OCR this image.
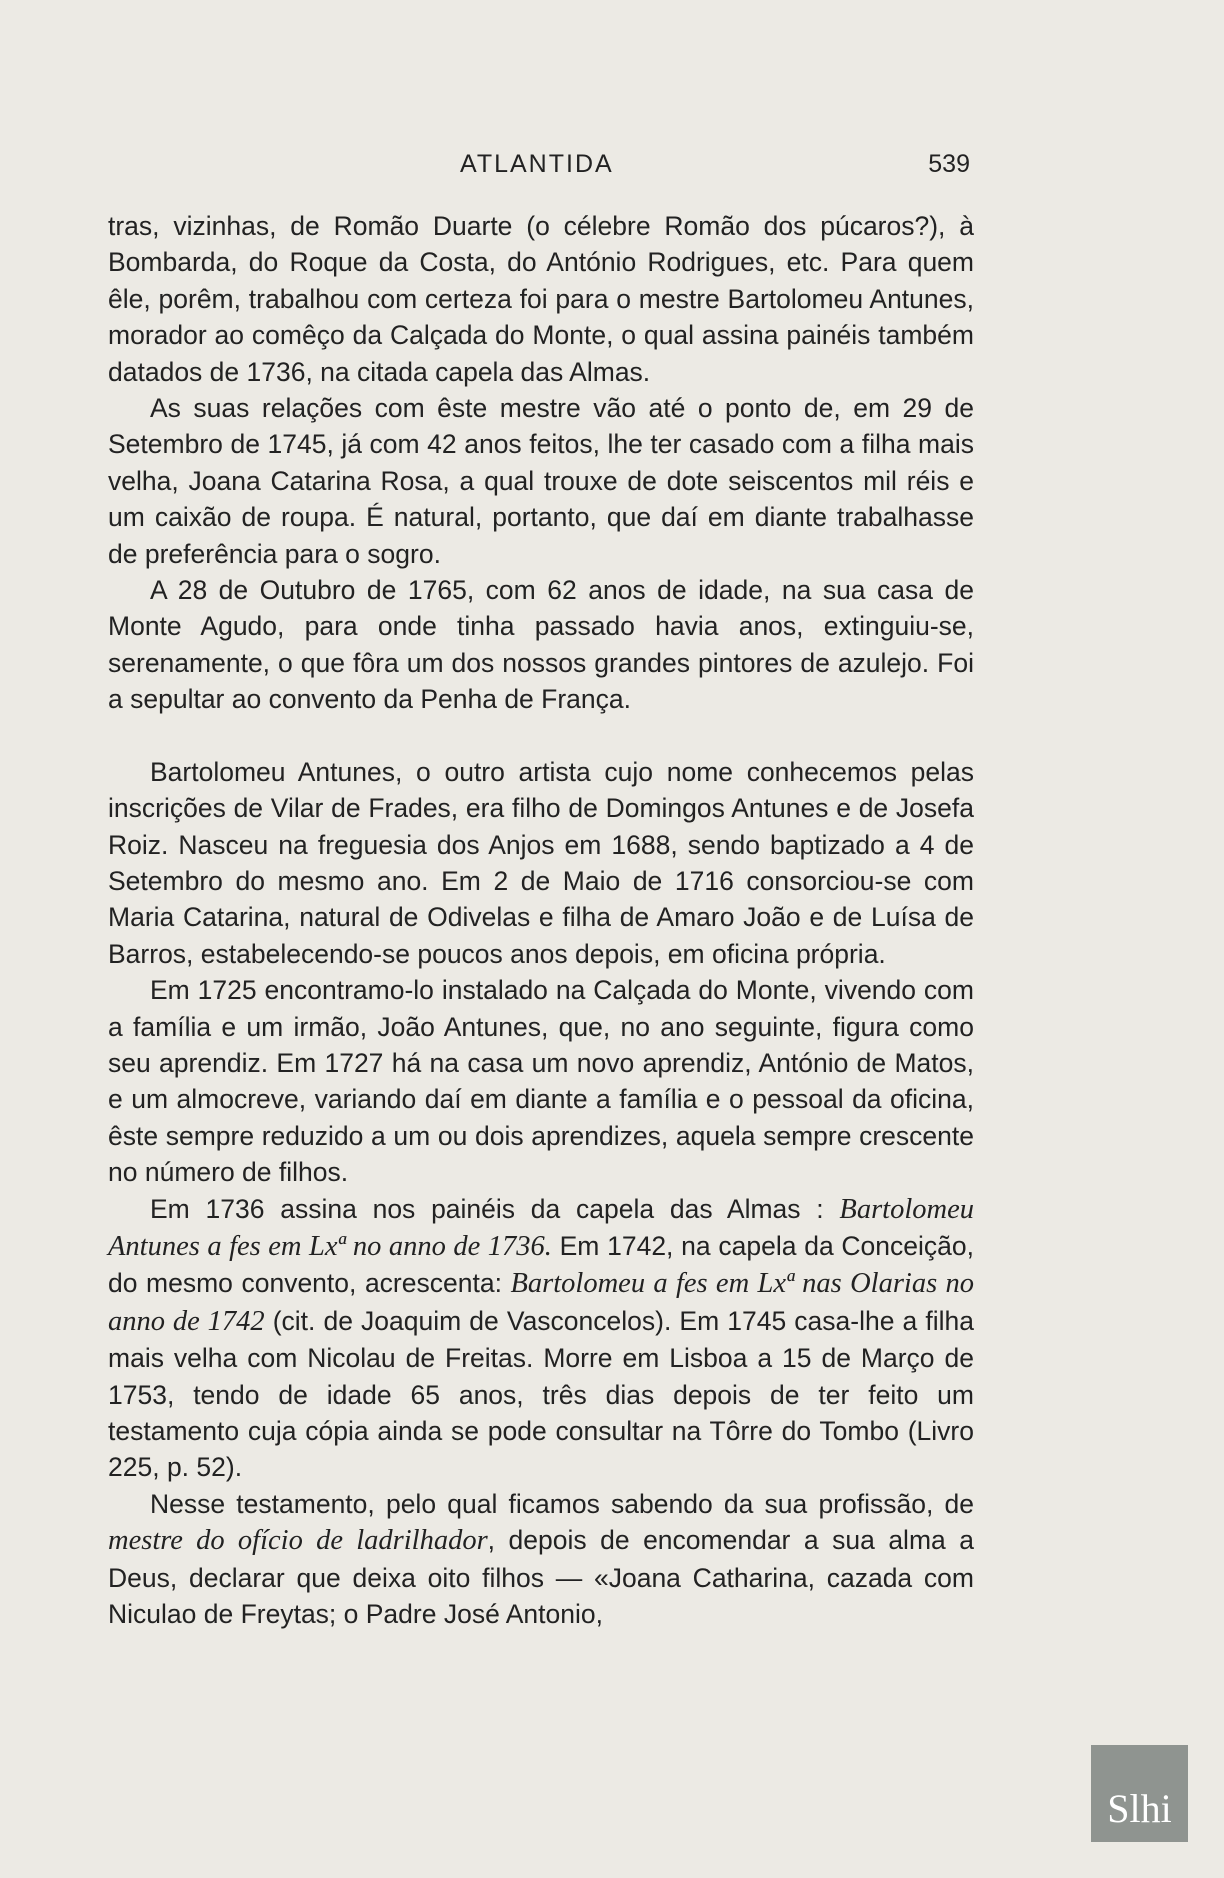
ATLANTIDA	539

tras, vizinhas, de Romão Duarte (o célebre Romão dos púcaros?), à Bombarda, do Roque da Costa, do António Rodrigues, etc. Para quem êle, porêm, trabalhou com certeza foi para o mestre Bartolomeu Antunes, morador ao comêço da Calçada do Monte, o qual assina painéis também datados de 1736, na citada capela das Almas.

As suas relações com êste mestre vão até o ponto de, em 29 de Setembro de 1745, já com 42 anos feitos, lhe ter casado com a filha mais velha, Joana Catarina Rosa, a qual trouxe de dote seiscentos mil réis e um caixão de roupa. É natural, portanto, que daí em diante trabalhasse de preferência para o sogro.

A 28 de Outubro de 1765, com 62 anos de idade, na sua casa de Monte Agudo, para onde tinha passado havia anos, extinguiu-se, serenamente, o que fôra um dos nossos grandes pintores de azulejo. Foi a sepultar ao convento da Penha de França.

Bartolomeu Antunes, o outro artista cujo nome conhecemos pelas inscrições de Vilar de Frades, era filho de Domingos Antunes e de Josefa Roiz. Nasceu na freguesia dos Anjos em 1688, sendo baptizado a 4 de Setembro do mesmo ano. Em 2 de Maio de 1716 consorciou-se com Maria Catarina, natural de Odivelas e filha de Amaro João e de Luísa de Barros, estabelecendo-se poucos anos depois, em oficina própria.

Em 1725 encontramo-lo instalado na Calçada do Monte, vivendo com a família e um irmão, João Antunes, que, no ano seguinte, figura como seu aprendiz. Em 1727 há na casa um novo aprendiz, António de Matos, e um almocreve, variando daí em diante a família e o pessoal da oficina, êste sempre reduzido a um ou dois aprendizes, aquela sempre crescente no número de filhos.

Em 1736 assina nos painéis da capela das Almas : Bartolomeu Antunes a fes em Lxª no anno de 1736. Em 1742, na capela da Conceição, do mesmo convento, acrescenta: Bartolomeu a fes em Lxª nas Olarias no anno de 1742 (cit. de Joaquim de Vasconcelos). Em 1745 casa-lhe a filha mais velha com Nicolau de Freitas. Morre em Lisboa a 15 de Março de 1753, tendo de idade 65 anos, três dias depois de ter feito um testamento cuja cópia ainda se pode consultar na Tôrre do Tombo (Livro 225, p. 52).

Nesse testamento, pelo qual ficamos sabendo da sua profissão, de mestre do ofício de ladrilhador, depois de encomendar a sua alma a Deus, declarar que deixa oito filhos — «Joana Catharina, cazada com Niculao de Freytas; o Padre José Antonio,

Slhi
